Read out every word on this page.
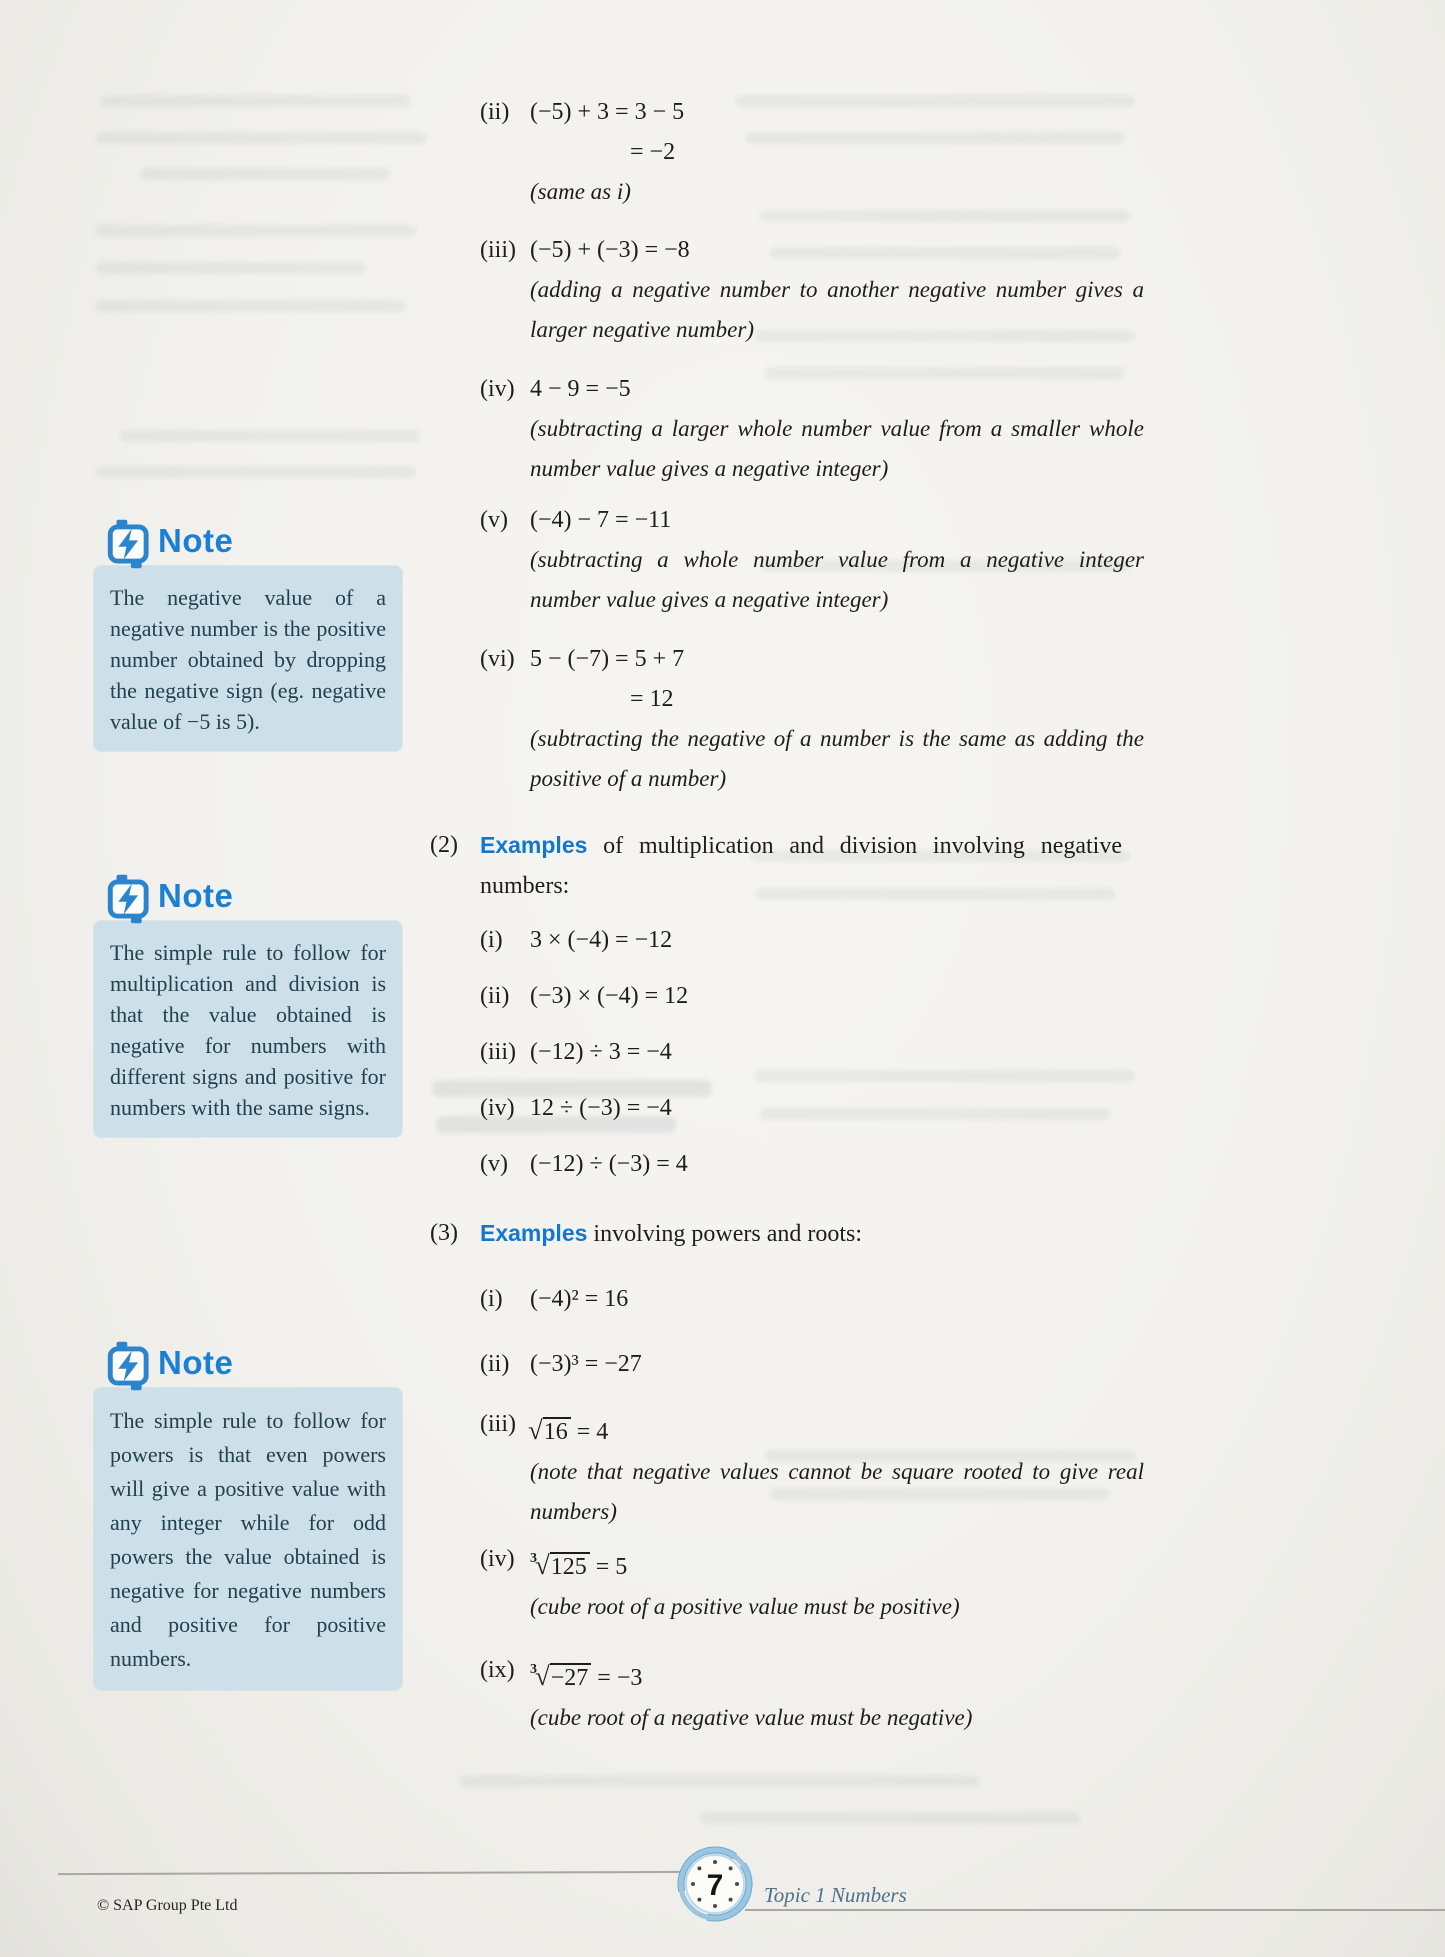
Note
The negative value of a negative number is the positive number obtained by dropping the negative sign (eg. negative value of −5 is 5).
Note
The simple rule to follow for multiplication and division is that the value obtained is negative for numbers with different signs and positive for numbers with the same signs.
Note
The simple rule to follow for powers is that even powers will give a positive value with any integer while for odd powers the value obtained is negative for negative numbers and positive for positive numbers.
(ii) (−5) + 3 = 3 − 5
= −2
(same as i)
(iii) (−5) + (−3) = −8
(adding a negative number to another negative number gives a larger negative number)
(iv) 4 − 9 = −5
(subtracting a larger whole number value from a smaller whole number value gives a negative integer)
(v) (−4) − 7 = −11
(subtracting a whole number value from a negative integer number value gives a negative integer)
(vi) 5 − (−7) = 5 + 7
= 12
(subtracting the negative of a number is the same as adding the positive of a number)
(2) Examples of multiplication and division involving negative numbers:
(i)	3 × (−4) = −12
(ii) (−3) × (−4) = 12
(iii) (−12) ÷ 3 = −4
(iv) 12 ÷ (−3) = −4
(v) (−12) ÷ (−3) = 4
(3) Examples involving powers and roots:
(i)	(−4)² = 16
(ii) (−3)³ = −27
(iii) √16 = 4
(note that negative values cannot be square rooted to give real numbers)
(iv)	$^3$√125 = 5
(cube root of a positive value must be positive)
(ix)	$^3$√−27 = −3
(cube root of a negative value must be negative)
7 Topic 1 Numbers
© SAP Group Pte Ltd
